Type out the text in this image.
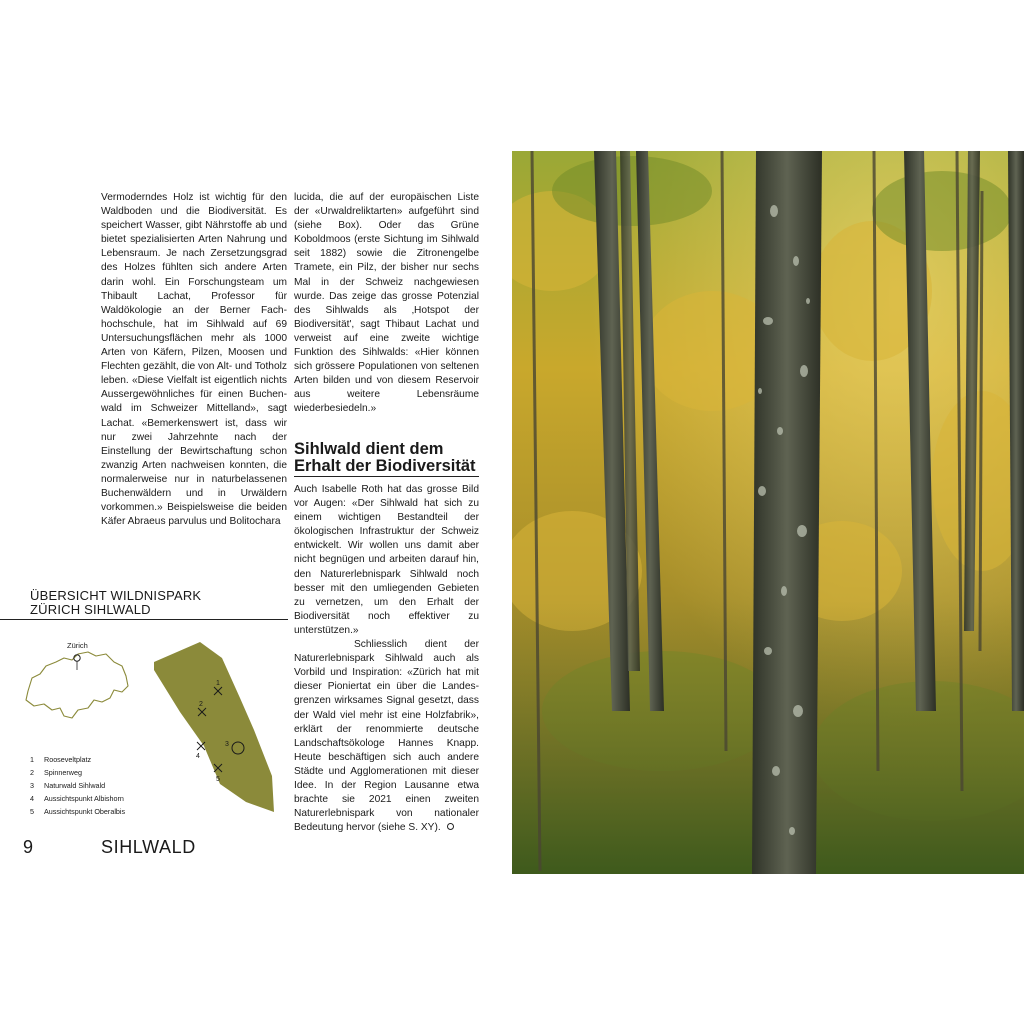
Vermoderndes Holz ist wichtig für den Waldboden und die Biodiversität. Es speichert Wasser, gibt Nährstoffe ab und bietet spezialisierten Arten Nahrung und Lebensraum. Je nach Zersetzungsgrad des Holzes fühlten sich andere Arten darin wohl. Ein Forschungsteam um Thibault Lachat, Professor für Waldökologie an der Berner Fachhochschule, hat im Sihlwald auf 69 Untersuchungsflächen mehr als 1000 Arten von Käfern, Pilzen, Moosen und Flechten gezählt, die von Alt- und Totholz leben. «Diese Vielfalt ist eigentlich nichts Aussergewöhnliches für einen Buchenwald im Schweizer Mittelland», sagt Lachat. «Bemerkenswert ist, dass wir nur zwei Jahrzehnte nach der Einstellung der Bewirtschaftung schon zwanzig Arten nachweisen konnten, die normalerweise nur in naturbelassenen Buchenwäldern und in Urwäldern vorkommen.» Beispielsweise die beiden Käfer Abraeus parvulus und Bolitochara

lucida, die auf der europäischen Liste der «Urwaldreliktarten» aufgeführt sind (siehe Box). Oder das Grüne Koboldmoos (erste Sichtung im Sihlwald seit 1882) sowie die Zitronengelbe Tramete, ein Pilz, der bisher nur sechs Mal in der Schweiz nachgewiesen wurde. Das zeige das grosse Potenzial des Sihlwalds als ‚Hotspot der Biodiversität', sagt Thibaut Lachat und verweist auf eine zweite wichtige Funktion des Sihlwalds: «Hier können sich grössere Populationen von seltenen Arten bilden und von diesem Reservoir aus weitere Lebensräume wiederbesiedeln.»

Sihlwald dient dem Erhalt der Biodiversität

Auch Isabelle Roth hat das grosse Bild vor Augen: «Der Sihlwald hat sich zu einem wichtigen Bestandteil der ökologischen Infrastruktur der Schweiz entwickelt. Wir wollen uns damit aber nicht begnügen und arbeiten darauf hin, den Naturerlebnispark Sihlwald noch besser mit den umliegenden Gebieten zu vernetzen, um den Erhalt der Biodiversität noch effektiver zu unterstützen.»

Schliesslich dient der Naturerlebnispark Sihlwald auch als Vorbild und Inspiration: «Zürich hat mit dieser Pioniertat ein über die Landesgrenzen wirksames Signal gesetzt, dass der Wald viel mehr ist eine Holzfabrik», erklärt der renommierte deutsche Landschaftsökologe Hannes Knapp. Heute beschäftigen sich auch andere Städte und Agglomerationen mit dieser Idee. In der Region Lausanne etwa brachte sie 2021 einen zweiten Naturerlebnispark von nationaler Bedeutung hervor (siehe S. XY).

ÜBERSICHT WILDNISPARK
ZÜRICH SIHLWALD
Zürich
1
2
3
4
5
1	Rooseveltplatz
2	Spinnerweg
3	Naturwald Sihlwald
4	Aussichtspunkt Albishorn
5	Aussichtspunkt Oberalbis
9	SIHLWALD
